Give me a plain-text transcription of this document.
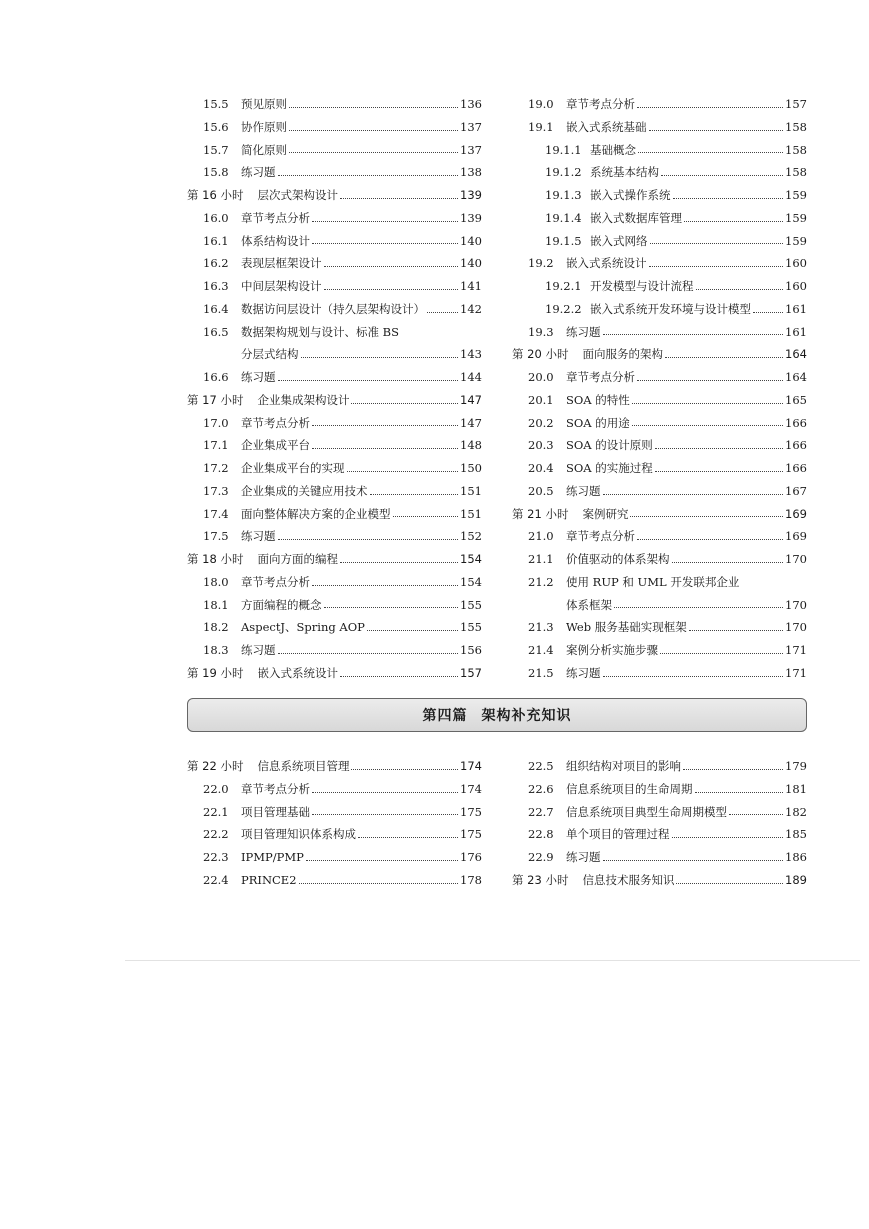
15.5	预见原则	136
15.6	协作原则	137
15.7	简化原则	137
15.8	练习题	138
第 16 小时 层次式架构设计	139
16.0	章节考点分析	139
16.1	体系结构设计	140
16.2	表现层框架设计	140
16.3	中间层架构设计	141
16.4	数据访问层设计（持久层架构设计）	142
16.5	数据架构规划与设计、标准 BS
分层式结构	143
16.6	练习题	144
第 17 小时 企业集成架构设计	147
17.0	章节考点分析	147
17.1	企业集成平台	148
17.2	企业集成平台的实现	150
17.3	企业集成的关键应用技术	151
17.4	面向整体解决方案的企业模型	151
17.5	练习题	152
第 18 小时 面向方面的编程	154
18.0	章节考点分析	154
18.1	方面编程的概念	155
18.2	AspectJ、Spring AOP	155
18.3	练习题	156
第 19 小时 嵌入式系统设计	157
19.0	章节考点分析	157
19.1	嵌入式系统基础	158
19.1.1 基础概念	158
19.1.2 系统基本结构	158
19.1.3 嵌入式操作系统	159
19.1.4 嵌入式数据库管理	159
19.1.5 嵌入式网络	159
19.2	嵌入式系统设计	160
19.2.1 开发模型与设计流程	160
19.2.2 嵌入式系统开发环境与设计模型	161
19.3	练习题	161
第 20 小时 面向服务的架构	164
20.0	章节考点分析	164
20.1	SOA 的特性	165
20.2	SOA 的用途	166
20.3	SOA 的设计原则	166
20.4	SOA 的实施过程	166
20.5	练习题	167
第 21 小时 案例研究	169
21.0	章节考点分析	169
21.1	价值驱动的体系架构	170
21.2	使用 RUP 和 UML 开发联邦企业
体系框架	170
21.3	Web 服务基础实现框架	170
21.4	案例分析实施步骤	171
21.5	练习题	171
第四篇 架构补充知识
第 22 小时 信息系统项目管理	174
22.0	章节考点分析	174
22.1	项目管理基础	175
22.2	项目管理知识体系构成	175
22.3	IPMP/PMP	176
22.4	PRINCE2	178
22.5	组织结构对项目的影响	179
22.6	信息系统项目的生命周期	181
22.7	信息系统项目典型生命周期模型	182
22.8	单个项目的管理过程	185
22.9	练习题	186
第 23 小时 信息技术服务知识	189
